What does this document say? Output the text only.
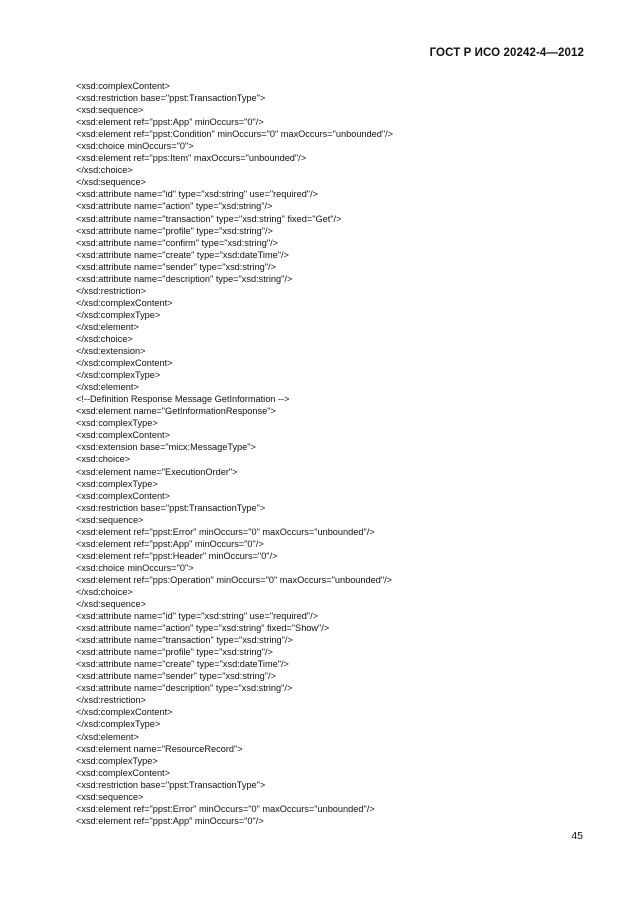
ГОСТ Р ИСО 20242-4—2012
<xsd:complexContent>
<xsd:restriction base="ppst:TransactionType">
<xsd:sequence>
<xsd:element ref="ppst:App" minOccurs="0"/>
<xsd:element ref="ppst:Condition" minOccurs="0" maxOccurs="unbounded"/>
<xsd:choice minOccurs="0">
<xsd:element ref="pps:Item" maxOccurs="unbounded"/>
</xsd:choice>
</xsd:sequence>
<xsd:attribute name="id" type="xsd:string" use="required"/>
<xsd:attribute name="action" type="xsd:string"/>
<xsd:attribute name="transaction" type="xsd:string" fixed="Get"/>
<xsd:attribute name="profile" type="xsd:string"/>
<xsd:attribute name="confirm" type="xsd:string"/>
<xsd:attribute name="create" type="xsd:dateTime"/>
<xsd:attribute name="sender" type="xsd:string"/>
<xsd:attribute name="description" type="xsd:string"/>
</xsd:restriction>
</xsd:complexContent>
</xsd:complexType>
</xsd:element>
</xsd:choice>
</xsd:extension>
</xsd:complexContent>
</xsd:complexType>
</xsd:element>
<!--Definition Response Message GetInformation -->
<xsd:element name="GetInformationResponse">
<xsd:complexType>
<xsd:complexContent>
<xsd:extension base="micx:MessageType">
<xsd:choice>
<xsd:element name="ExecutionOrder">
<xsd:complexType>
<xsd:complexContent>
<xsd:restriction base="ppst:TransactionType">
<xsd:sequence>
<xsd:element ref="ppst:Error" minOccurs="0" maxOccurs="unbounded"/>
<xsd:element ref="ppst:App" minOccurs="0"/>
<xsd:element ref="ppst:Header" minOccurs="0"/>
<xsd:choice minOccurs="0">
<xsd:element ref="pps:Operation" minOccurs="0" maxOccurs="unbounded"/>
</xsd:choice>
</xsd:sequence>
<xsd:attribute name="id" type="xsd:string" use="required"/>
<xsd:attribute name="action" type="xsd:string" fixed="Show"/>
<xsd:attribute name="transaction" type="xsd:string"/>
<xsd:attribute name="profile" type="xsd:string"/>
<xsd:attribute name="create" type="xsd:dateTime"/>
<xsd:attribute name="sender" type="xsd:string"/>
<xsd:attribute name="description" type="xsd:string"/>
</xsd:restriction>
</xsd:complexContent>
</xsd:complexType>
</xsd:element>
<xsd:element name="ResourceRecord">
<xsd:complexType>
<xsd:complexContent>
<xsd:restriction base="ppst:TransactionType">
<xsd:sequence>
<xsd:element ref="ppst:Error" minOccurs="0" maxOccurs="unbounded"/>
<xsd:element ref="ppst:App" minOccurs="0"/>
45
